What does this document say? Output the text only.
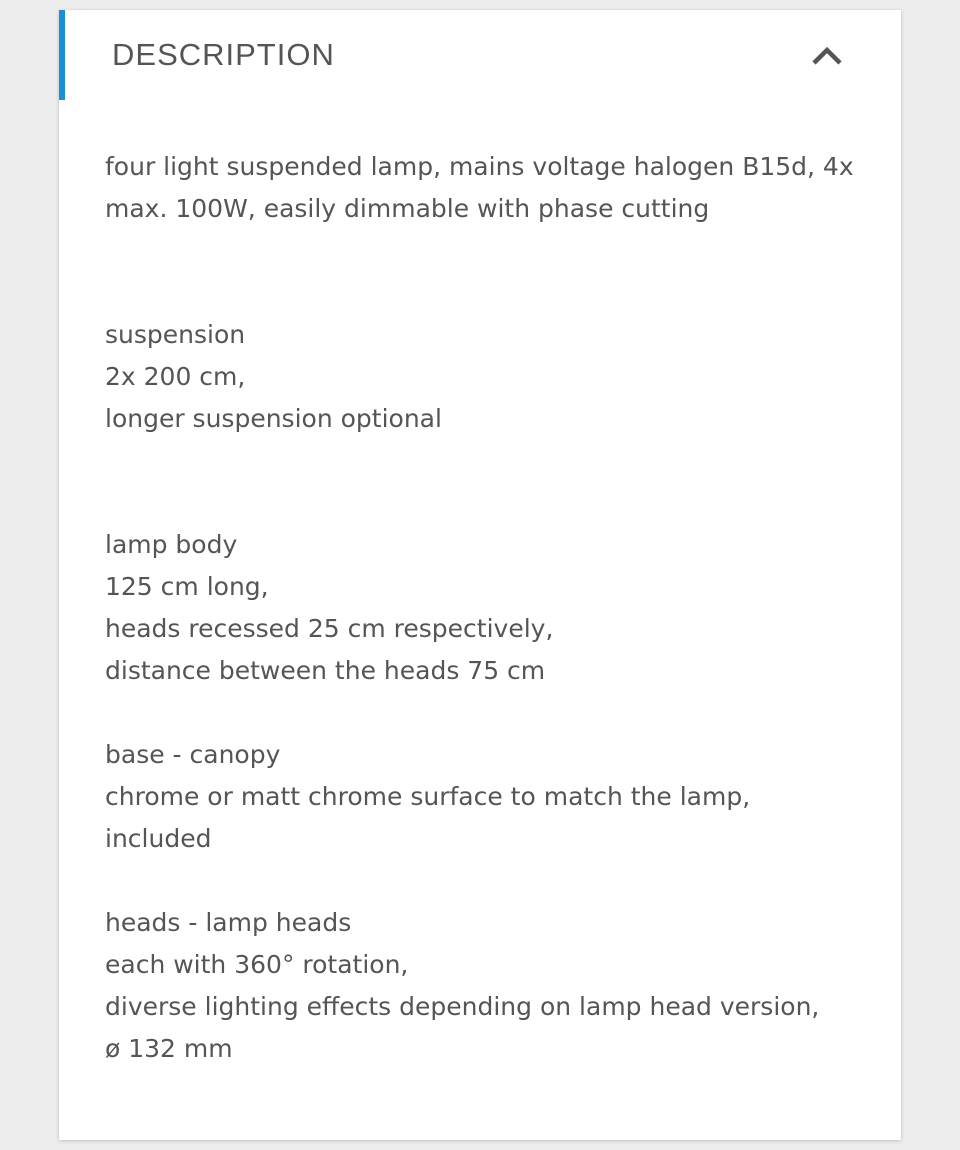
DESCRIPTION

four light suspended lamp, mains voltage halogen B15d, 4x
max. 100W, easily dimmable with phase cutting

suspension
2x 200 cm,
longer suspension optional

lamp body
125 cm long,
heads recessed 25 cm respectively,
distance between the heads 75 cm

base - canopy
chrome or matt chrome surface to match the lamp,
included

heads - lamp heads
each with 360° rotation,
diverse lighting effects depending on lamp head version,
ø 132 mm
